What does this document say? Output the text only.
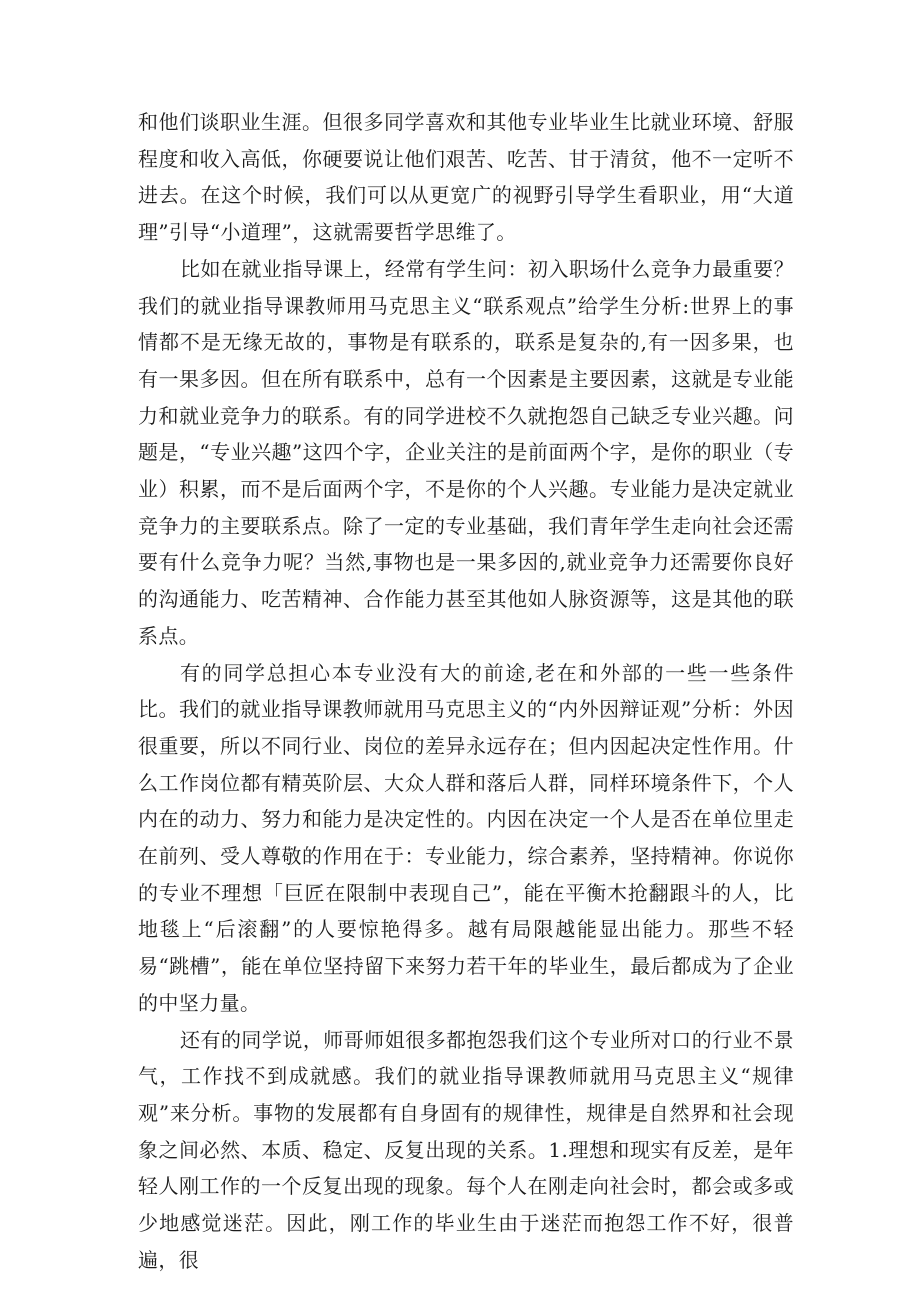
和他们谈职业生涯。但很多同学喜欢和其他专业毕业生比就业环境、舒服程度和收入高低，你硬要说让他们艰苦、吃苦、甘于清贫，他不一定听不进去。在这个时候，我们可以从更宽广的视野引导学生看职业，用“大道理”引导“小道理”，这就需要哲学思维了。

比如在就业指导课上，经常有学生问：初入职场什么竞争力最重要？我们的就业指导课教师用马克思主义“联系观点”给学生分析:世界上的事情都不是无缘无故的，事物是有联系的，联系是复杂的,有一因多果，也有一果多因。但在所有联系中，总有一个因素是主要因素，这就是专业能力和就业竞争力的联系。有的同学进校不久就抱怨自己缺乏专业兴趣。问题是，“专业兴趣”这四个字，企业关注的是前面两个字，是你的职业（专业）积累，而不是后面两个字，不是你的个人兴趣。专业能力是决定就业竞争力的主要联系点。除了一定的专业基础，我们青年学生走向社会还需要有什么竞争力呢？当然,事物也是一果多因的,就业竞争力还需要你良好的沟通能力、吃苦精神、合作能力甚至其他如人脉资源等，这是其他的联系点。

有的同学总担心本专业没有大的前途,老在和外部的一些一些条件比。我们的就业指导课教师就用马克思主义的“内外因辩证观”分析：外因很重要，所以不同行业、岗位的差异永远存在；但内因起决定性作用。什么工作岗位都有精英阶层、大众人群和落后人群，同样环境条件下，个人内在的动力、努力和能力是决定性的。内因在决定一个人是否在单位里走在前列、受人尊敬的作用在于：专业能力，综合素养，坚持精神。你说你的专业不理想「巨匠在限制中表现自己”，能在平衡木抢翻跟斗的人，比地毯上“后滚翻”的人要惊艳得多。越有局限越能显出能力。那些不轻易“跳槽”，能在单位坚持留下来努力若干年的毕业生，最后都成为了企业的中坚力量。

还有的同学说，师哥师姐很多都抱怨我们这个专业所对口的行业不景气，工作找不到成就感。我们的就业指导课教师就用马克思主义“规律观”来分析。事物的发展都有自身固有的规律性，规律是自然界和社会现象之间必然、本质、稳定、反复出现的关系。1.理想和现实有反差，是年轻人刚工作的一个反复出现的现象。每个人在刚走向社会时，都会或多或少地感觉迷茫。因此，刚工作的毕业生由于迷茫而抱怨工作不好，很普遍，很
